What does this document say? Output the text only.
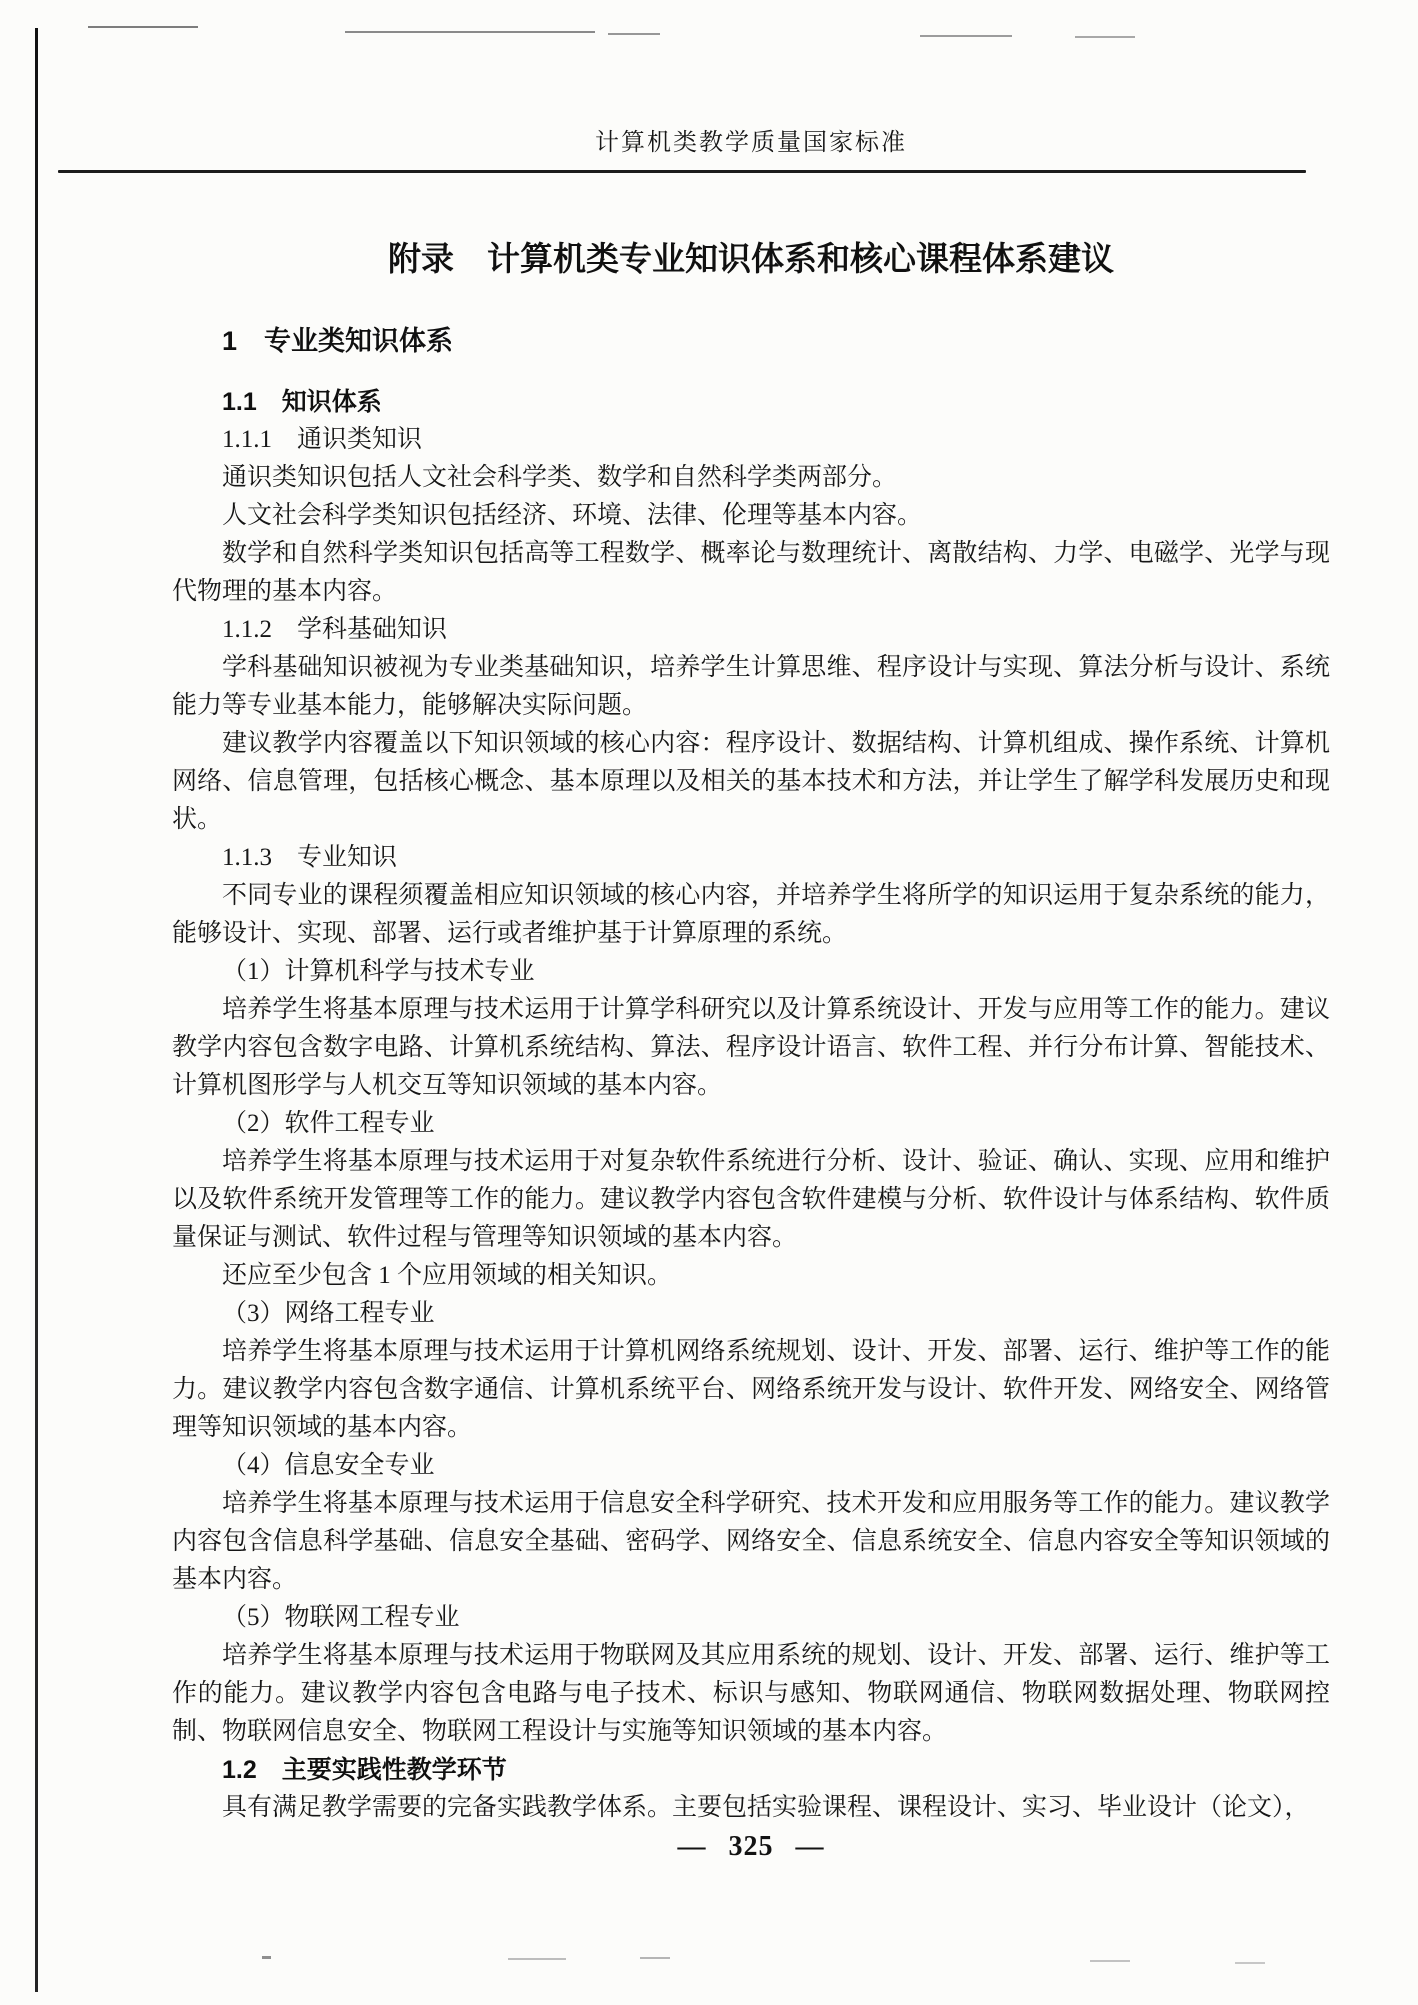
计算机类教学质量国家标准
附录　计算机类专业知识体系和核心课程体系建议
1　专业类知识体系
1.1　知识体系
1.1.1　通识类知识

通识类知识包括人文社会科学类、数学和自然科学类两部分。

人文社会科学类知识包括经济、环境、法律、伦理等基本内容。

数学和自然科学类知识包括高等工程数学、概率论与数理统计、离散结构、力学、电磁学、光学与现代物理的基本内容。

1.1.2　学科基础知识

学科基础知识被视为专业类基础知识，培养学生计算思维、程序设计与实现、算法分析与设计、系统能力等专业基本能力，能够解决实际问题。

建议教学内容覆盖以下知识领域的核心内容：程序设计、数据结构、计算机组成、操作系统、计算机网络、信息管理，包括核心概念、基本原理以及相关的基本技术和方法，并让学生了解学科发展历史和现状。

1.1.3　专业知识

不同专业的课程须覆盖相应知识领域的核心内容，并培养学生将所学的知识运用于复杂系统的能力，能够设计、实现、部署、运行或者维护基于计算原理的系统。

（1）计算机科学与技术专业

培养学生将基本原理与技术运用于计算学科研究以及计算系统设计、开发与应用等工作的能力。建议教学内容包含数字电路、计算机系统结构、算法、程序设计语言、软件工程、并行分布计算、智能技术、计算机图形学与人机交互等知识领域的基本内容。

（2）软件工程专业

培养学生将基本原理与技术运用于对复杂软件系统进行分析、设计、验证、确认、实现、应用和维护以及软件系统开发管理等工作的能力。建议教学内容包含软件建模与分析、软件设计与体系结构、软件质量保证与测试、软件过程与管理等知识领域的基本内容。

还应至少包含 1 个应用领域的相关知识。

（3）网络工程专业

培养学生将基本原理与技术运用于计算机网络系统规划、设计、开发、部署、运行、维护等工作的能力。建议教学内容包含数字通信、计算机系统平台、网络系统开发与设计、软件开发、网络安全、网络管理等知识领域的基本内容。

（4）信息安全专业

培养学生将基本原理与技术运用于信息安全科学研究、技术开发和应用服务等工作的能力。建议教学内容包含信息科学基础、信息安全基础、密码学、网络安全、信息系统安全、信息内容安全等知识领域的基本内容。

（5）物联网工程专业

培养学生将基本原理与技术运用于物联网及其应用系统的规划、设计、开发、部署、运行、维护等工作的能力。建议教学内容包含电路与电子技术、标识与感知、物联网通信、物联网数据处理、物联网控制、物联网信息安全、物联网工程设计与实施等知识领域的基本内容。

1.2　主要实践性教学环节

具有满足教学需要的完备实践教学体系。主要包括实验课程、课程设计、实习、毕业设计（论文），

— 325 —
